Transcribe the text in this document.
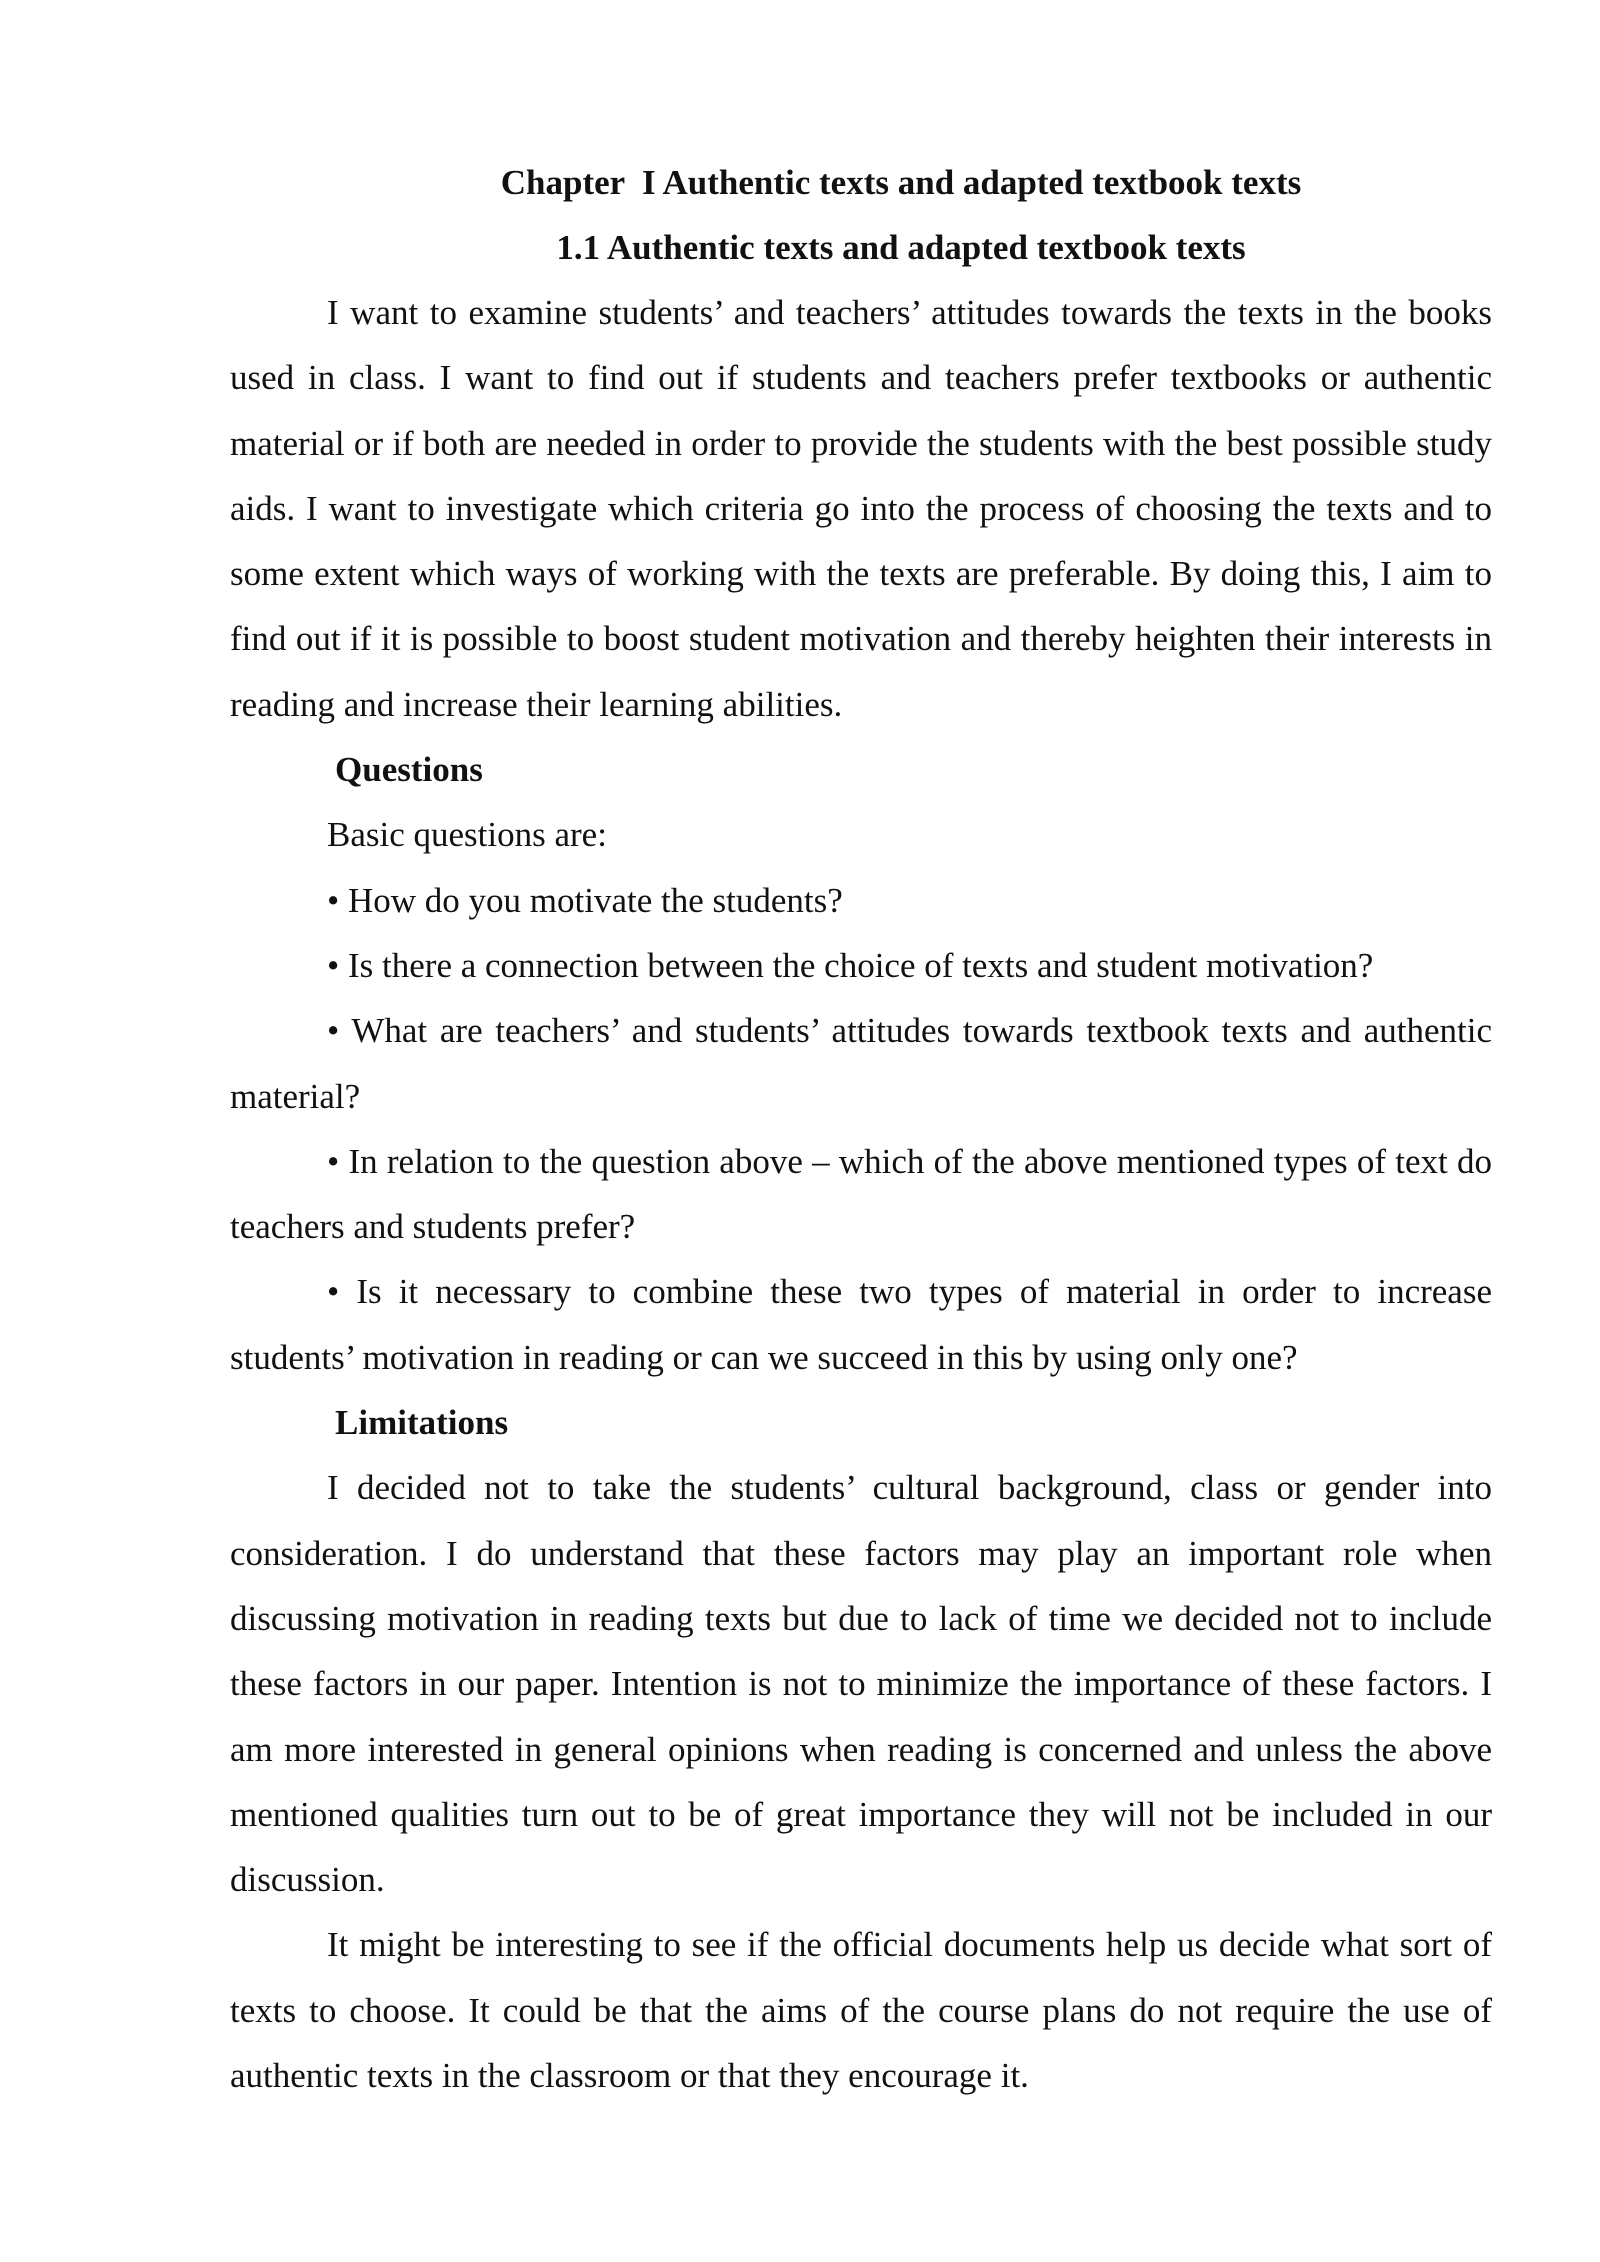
Chapter  I Authentic texts and adapted textbook texts
1.1 Authentic texts and adapted textbook texts

I want to examine students’ and teachers’ attitudes towards the texts in the books used in class. I want to find out if students and teachers prefer textbooks or authentic material or if both are needed in order to provide the students with the best possible study aids. I want to investigate which criteria go into the process of choosing the texts and to some extent which ways of working with the texts are preferable. By doing this, I aim to find out if it is possible to boost student motivation and thereby heighten their interests in reading and increase their learning abilities.

Questions

Basic questions are:

• How do you motivate the students?

• Is there a connection between the choice of texts and student motivation?

• What are teachers’ and students’ attitudes towards textbook texts and authentic material?

• In relation to the question above – which of the above mentioned types of text do teachers and students prefer?

• Is it necessary to combine these two types of material in order to increase students’ motivation in reading or can we succeed in this by using only one?

Limitations

I decided not to take the students’ cultural background, class or gender into consideration. I do understand that these factors may play an important role when discussing motivation in reading texts but due to lack of time we decided not to include these factors in our paper. Intention is not to minimize the importance of these factors. I am more interested in general opinions when reading is concerned and unless the above mentioned qualities turn out to be of great importance they will not be included in our discussion.

It might be interesting to see if the official documents help us decide what sort of texts to choose. It could be that the aims of the course plans do not require the use of authentic texts in the classroom or that they encourage it.
